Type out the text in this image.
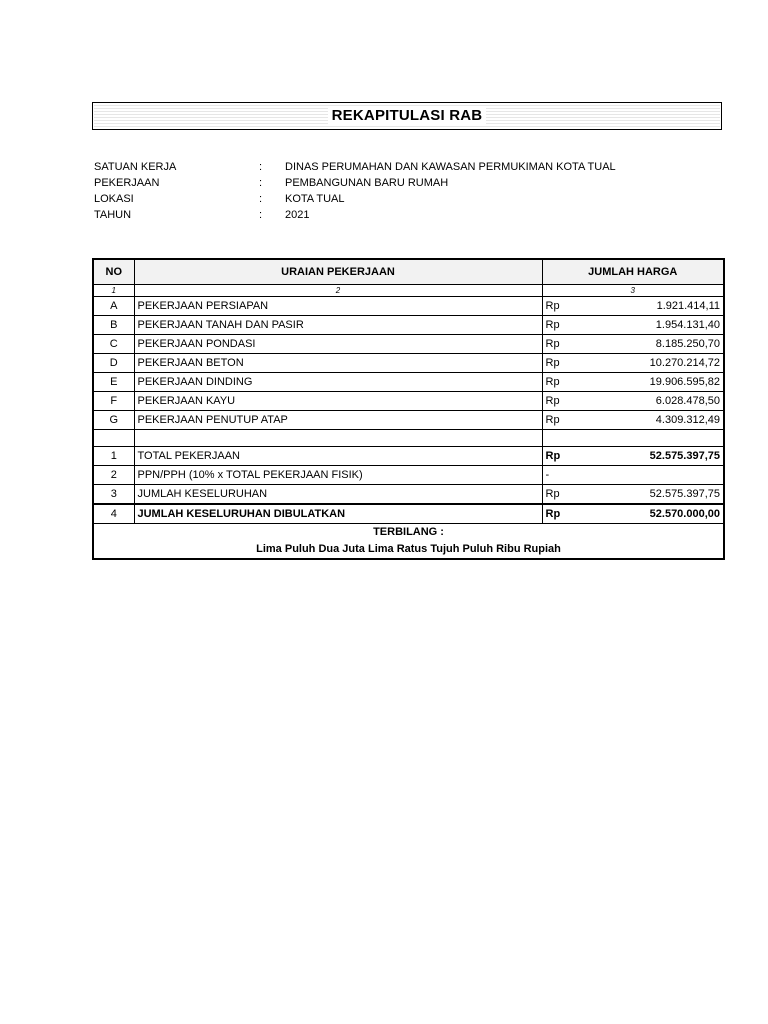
REKAPITULASI RAB
SATUAN KERJA	: DINAS PERUMAHAN DAN KAWASAN PERMUKIMAN KOTA TUAL
PEKERJAAN	: PEMBANGUNAN BARU RUMAH
LOKASI	: KOTA TUAL
TAHUN	: 2021
NO	URAIAN PEKERJAAN	JUMLAH HARGA	
1	2	3	
A	PEKERJAAN PERSIAPAN	Rp	1.921.414,11
B	PEKERJAAN TANAH DAN PASIR	Rp	1.954.131,40
C	PEKERJAAN PONDASI	Rp	8.185.250,70
D	PEKERJAAN BETON	Rp	10.270.214,72
E	PEKERJAAN DINDING	Rp	19.906.595,82
F	PEKERJAAN KAYU	Rp	6.028.478,50
G	PEKERJAAN PENUTUP ATAP	Rp	4.309.312,49

1	TOTAL PEKERJAAN	Rp	52.575.397,75
2	PPN/PPH (10% x TOTAL PEKERJAAN FISIK)	-	
3	JUMLAH KESELURUHAN	Rp	52.575.397,75
4	JUMLAH KESELURUHAN DIBULATKAN	Rp	52.570.000,00

TERBILANG :
Lima Puluh Dua Juta Lima Ratus Tujuh Puluh Ribu Rupiah			
